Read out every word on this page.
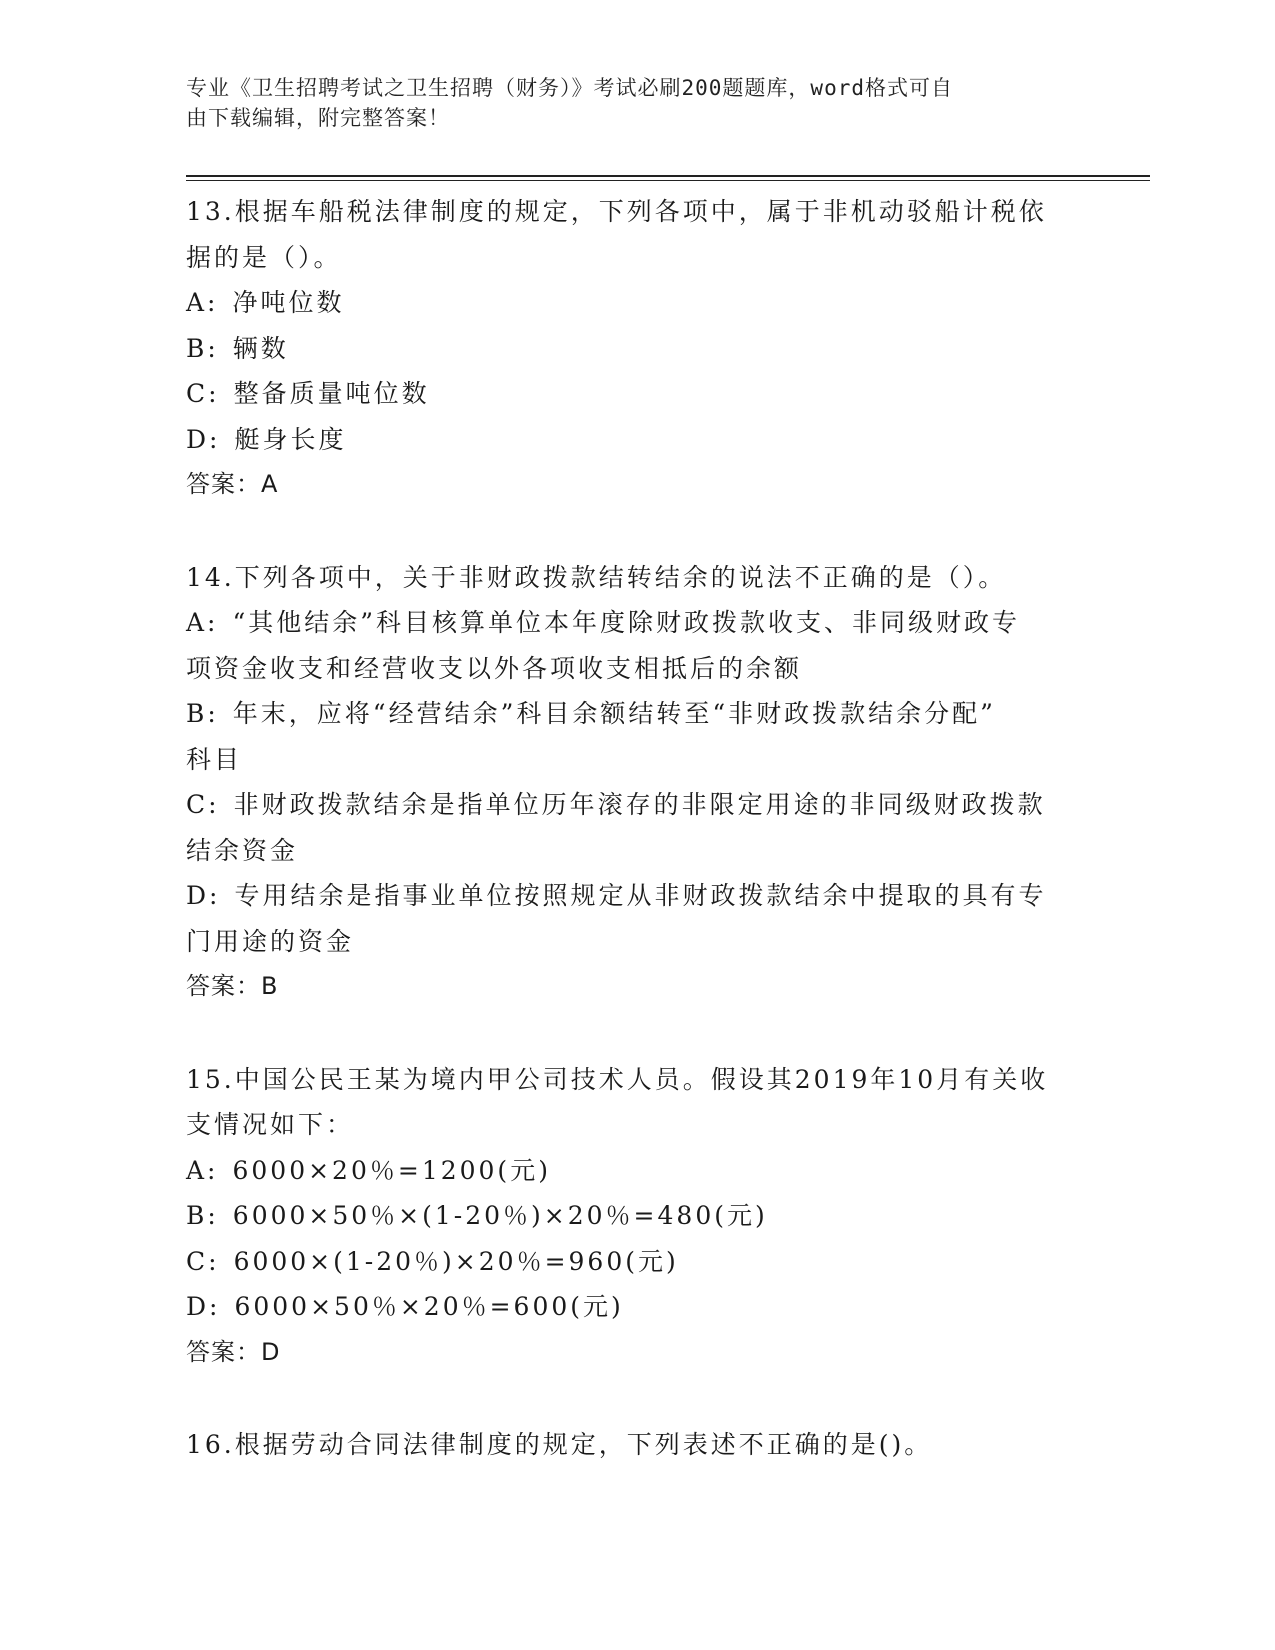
专业《卫生招聘考试之卫生招聘（财务）》考试必刷200题题库，word格式可自
由下载编辑，附完整答案！

13.根据车船税法律制度的规定，下列各项中，属于非机动驳船计税依

据的是（）。

A: 净吨位数
B: 辆数
C: 整备质量吨位数
D: 艇身长度

答案：A

14.下列各项中，关于非财政拨款结转结余的说法不正确的是（）。

A: “其他结余”科目核算单位本年度除财政拨款收支、非同级财政专
项资金收支和经营收支以外各项收支相抵后的余额
B: 年末，应将“经营结余”科目余额结转至“非财政拨款结余分配”
科目
C: 非财政拨款结余是指单位历年滚存的非限定用途的非同级财政拨款
结余资金
D: 专用结余是指事业单位按照规定从非财政拨款结余中提取的具有专
门用途的资金

答案：B

15.中国公民王某为境内甲公司技术人员。假设其2019年10月有关收

支情况如下：

A: 6000×20％=1200(元)
B: 6000×50％×(1-20％)×20％=480(元)
C: 6000×(1-20％)×20％=960(元)
D: 6000×50％×20％=600(元)

答案：D

16.根据劳动合同法律制度的规定，下列表述不正确的是()。
